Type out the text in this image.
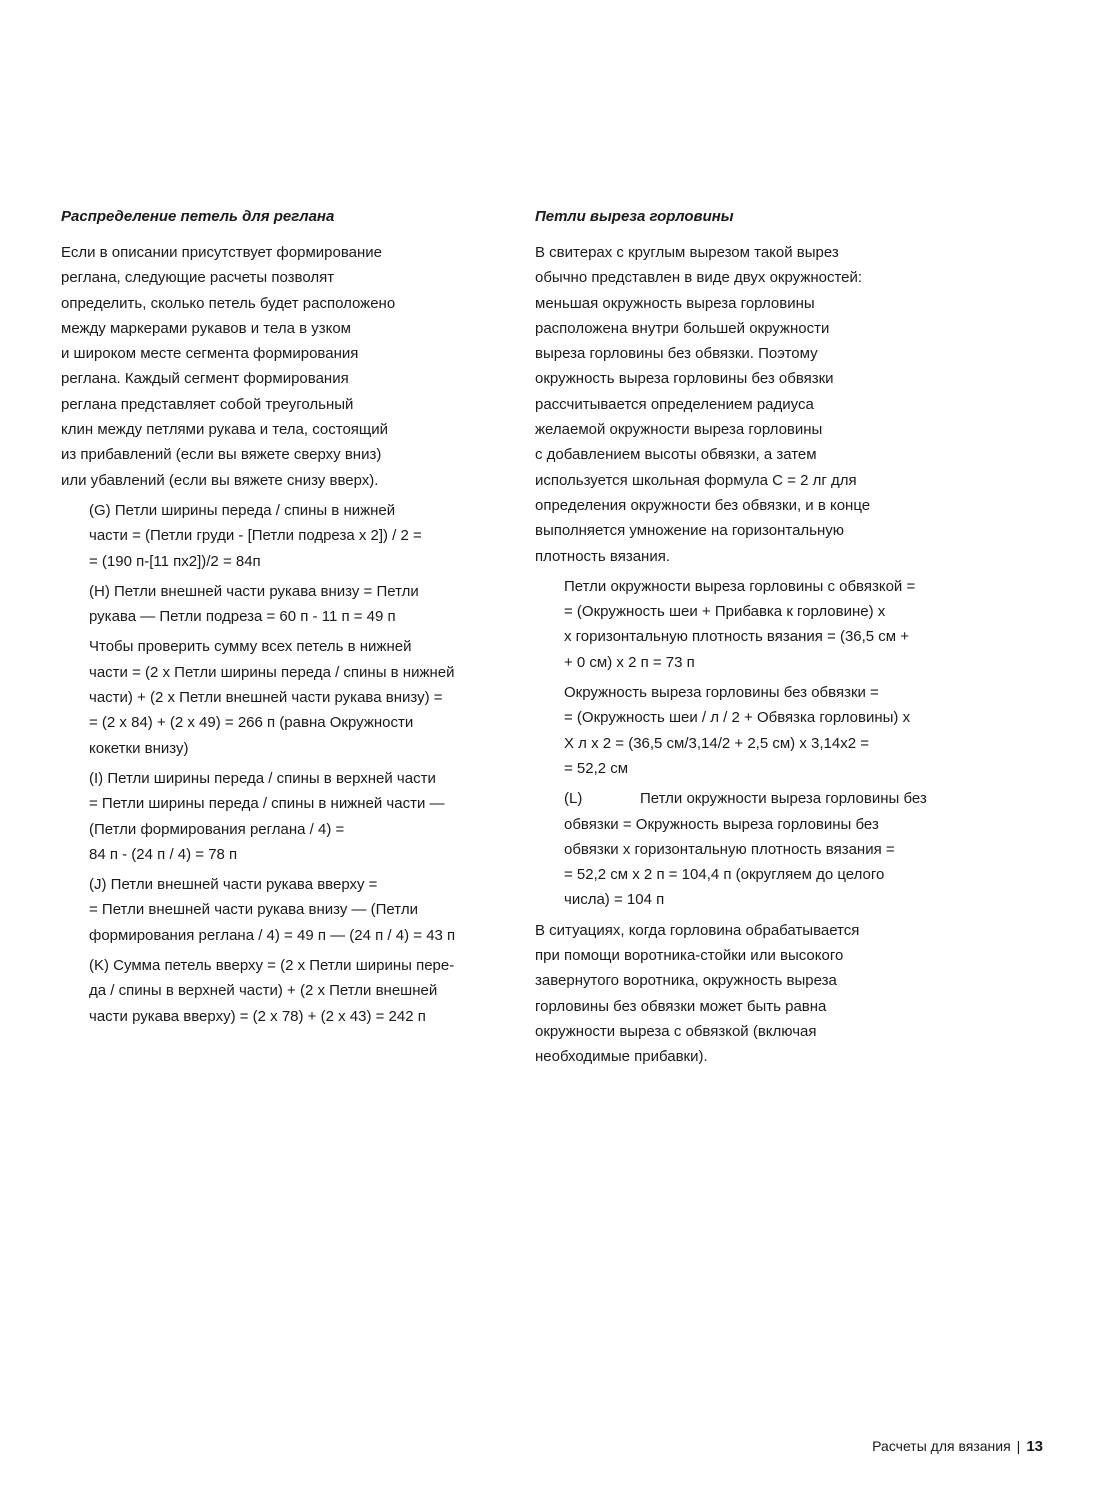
Распределение петель для реглана
Если в описании присутствует формирование
реглана, следующие расчеты позволят
определить, сколько петель будет расположено
между маркерами рукавов и тела в узком
и широком месте сегмента формирования
реглана. Каждый сегмент формирования
реглана представляет собой треугольный
клин между петлями рукава и тела, состоящий
из прибавлений (если вы вяжете сверху вниз)
или убавлений (если вы вяжете снизу вверх).
(G) Петли ширины переда / спины в нижней
части = (Петли груди - [Петли подреза х 2]) / 2 =
= (190 п-[11 пх2])/2 = 84п
(H) Петли внешней части рукава внизу = Петли
рукава — Петли подреза = 60 п - 11 п = 49 п
Чтобы проверить сумму всех петель в нижней
части = (2 х Петли ширины переда / спины в нижней
части) + (2 х Петли внешней части рукава внизу) =
= (2 х 84) + (2 х 49) = 266 п (равна Окружности
кокетки внизу)
(I) Петли ширины переда / спины в верхней части
= Петли ширины переда / спины в нижней части —
(Петли формирования реглана / 4) =
84 п - (24 п / 4) = 78 п
(J) Петли внешней части рукава вверху =
= Петли внешней части рукава внизу — (Петли
формирования реглана / 4) = 49 п — (24 п / 4) = 43 п
(K) Сумма петель вверху = (2 х Петли ширины пере-
да / спины в верхней части) + (2 х Петли внешней
части рукава вверху) = (2 х 78) + (2 х 43) = 242 п
Петли выреза горловины
В свитерах с круглым вырезом такой вырез
обычно представлен в виде двух окружностей:
меньшая окружность выреза горловины
расположена внутри большей окружности
выреза горловины без обвязки. Поэтому
окружность выреза горловины без обвязки
рассчитывается определением радиуса
желаемой окружности выреза горловины
с добавлением высоты обвязки, а затем
используется школьная формула С = 2 лг для
определения окружности без обвязки, и в конце
выполняется умножение на горизонтальную
плотность вязания.
Петли окружности выреза горловины с обвязкой =
= (Окружность шеи + Прибавка к горловине) х
х горизонтальную плотность вязания = (36,5 см +
+ 0 см) х 2 п = 73 п
Окружность выреза горловины без обвязки =
= (Окружность шеи / л / 2 + Обвязка горловины) х
Х л х 2 = (36,5 см/3,14/2 + 2,5 см) х 3,14х2 =
= 52,2 см
(L)	Петли окружности выреза горловины без
обвязки = Окружность выреза горловины без
обвязки х горизонтальную плотность вязания =
= 52,2 см х 2 п = 104,4 п (округляем до целого
числа) = 104 п
В ситуациях, когда горловина обрабатывается
при помощи воротника-стойки или высокого
завернутого воротника, окружность выреза
горловины без обвязки может быть равна
окружности выреза с обвязкой (включая
необходимые прибавки).
Расчеты для вязания | 13
